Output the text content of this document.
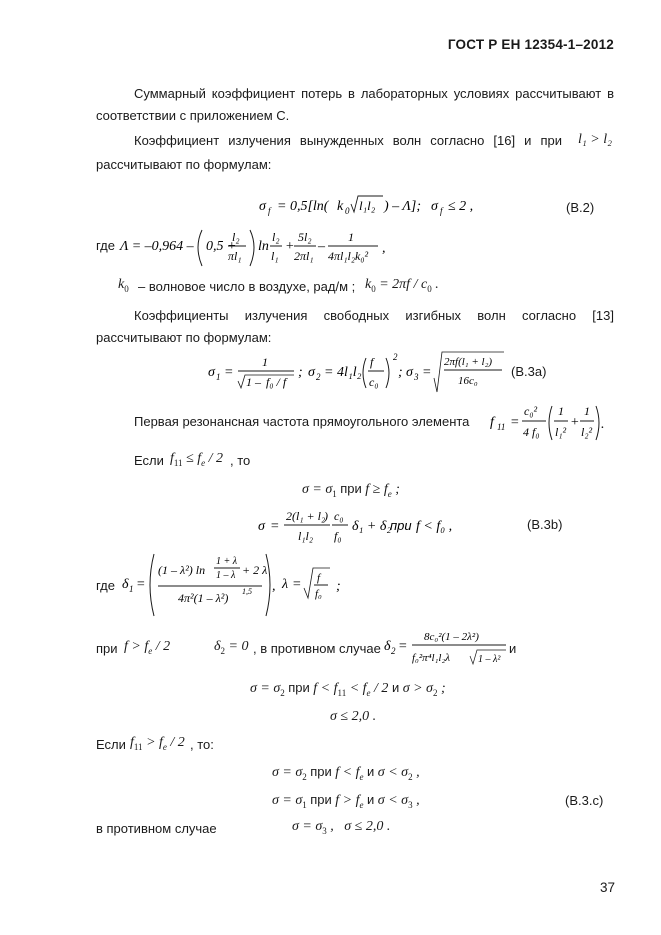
ГОСТ Р ЕН 12354-1–2012
Суммарный коэффициент потерь в лабораторных условиях рассчитывают в
соответствии с приложением С.
Коэффициент излучения вынужденных волн согласно [16] и при l₁ > l₂
рассчитывают по формулам:
σ f = 0,5[ln( k 0 l₁l₂ ) – Λ]; σ f ≤ 2 ,	(B.2)
где Λ = –0,964 – 0,5 +
l₂
πl₁
ln
l₂
l₁
+
5l₂
2πl₁
–
1
4πl₁l₂k₀² ,
$k_0$ – волновое число в воздухе, рад/м ; $k_0 = 2\pi f / c_0$ .
Коэффициенты излучения свободных изгибных волн согласно [13]
рассчитывают по формулам:
σ 1 =
1
1 – f₀ / f
; σ 2 = 4 l₁l₂
f
c₀
2
; σ 3 =
2πf(l₁ + l₂)
16c₀
(B.3a)
Первая резонансная частота прямоугольного элемента f 11 =
c₀²
4 f₀
1
l₁²
+
1
l₂² .
Если $f_{11} \le f_e / 2$ , то
$\sigma = \sigma_1$ при $f \ge f_e$ ;
σ =
2( l₁ + l₂
)
l₁l₂
c₀
f₀
δ₁ + δ₂
при f < f₀ ,	(B.3b)
где δ 1 =
(1 – λ²) ln
1 + λ
1 – λ + 2 λ
4π²(1 – λ²) 1,5 , λ = f
f₀ ;
при $f > f_e / 2$	$\delta_2 = 0$ , в противном случае δ 2 =
8c₀²(1 – 2λ²)
f₀²π⁴l₁l₂λ	1 – λ²
и
$\sigma = \sigma_2$ при $f < f_{11} < f_e / 2$ и $\sigma > \sigma_2$ ;
σ ≤ 2,0 .
Если $f_{11} > f_e / 2$ , то:
$\sigma = \sigma_2$ при $f < f_e$ и $\sigma < \sigma_2$ ,
$\sigma = \sigma_1$ при $f > f_e$ и $\sigma < \sigma_3$ ,	(B.3.c)
в противном случае	$\sigma = \sigma_3$ ,   σ ≤ 2,0 .
37
